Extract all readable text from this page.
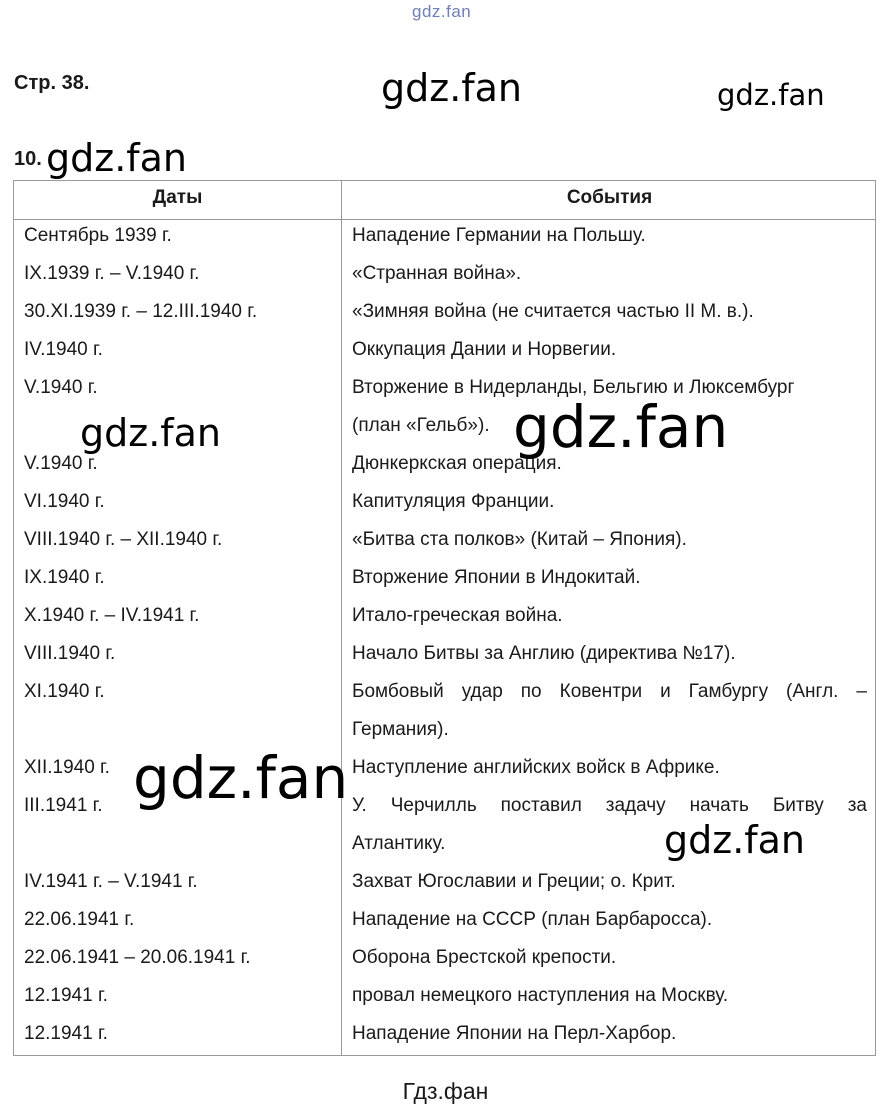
gdz.fan
Стр. 38.	gdz.fan	gdz.fan
10. gdz.fan
Даты	События
Сентябрь 1939 г.	Нападение Германии на Польшу.
IX.1939 г. – V.1940 г.	«Странная война».
30.XI.1939 г. – 12.III.1940 г.	«Зимняя война (не считается частью II М. в.).
IV.1940 г.	Оккупация Дании и Норвегии.
V.1940 г.	Вторжение в Нидерланды, Бельгию и Люксембург
(план «Гельб»).
V.1940 г.	Дюнкеркская операция.
VI.1940 г.	Капитуляция Франции.
VIII.1940 г. – XII.1940 г.	«Битва ста полков» (Китай – Япония).
IX.1940 г.	Вторжение Японии в Индокитай.
X.1940 г. – IV.1941 г.	Итало-греческая война.
VIII.1940 г.	Начало Битвы за Англию (директива №17).
XI.1940 г.	Бомбовый удар по Ковентри и Гамбургу (Англ. –
Германия).
XII.1940 г.	Наступление английских войск в Африке.
III.1941 г.	У. Черчилль поставил задачу начать Битву за
Атлантику.
IV.1941 г. – V.1941 г.	Захват Югославии и Греции; о. Крит.
22.06.1941 г.	Нападение на СССР (план Барбаросса).
22.06.1941 – 20.06.1941 г.	Оборона Брестской крепости.
12.1941 г.	провал немецкого наступления на Москву.
12.1941 г.	Нападение Японии на Перл-Харбор.
gdz.fan	gdz.fan
gdz.fan
gdz.fan
Гдз.фан
